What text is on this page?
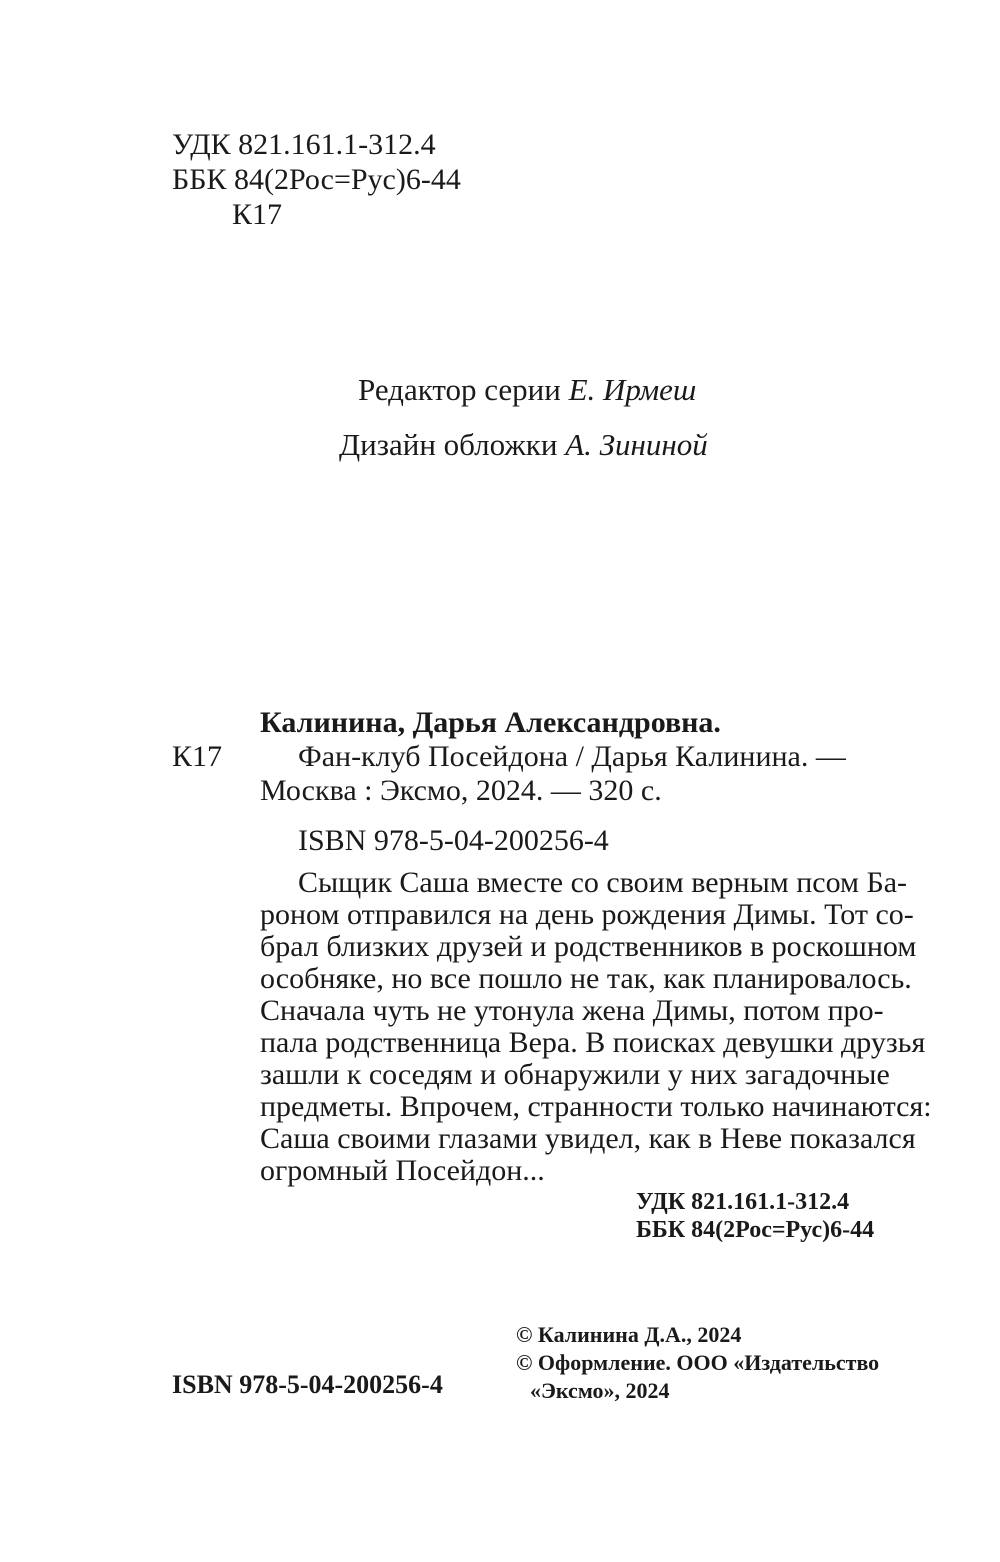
УДК 821.161.1-312.4
ББК 84(2Рос=Рус)6-44
К17
Редактор серии Е. Ирмеш
Дизайн обложки А. Зининой
Калинина, Дарья Александровна.
К17	Фан-клуб Посейдона / Дарья Калинина. —
Москва : Эксмо, 2024. — 320 с.
ISBN 978-5-04-200256-4
Сыщик Саша вместе со своим верным псом Ба-
роном отправился на день рождения Димы. Тот со-
брал близких друзей и родственников в роскошном
особняке, но все пошло не так, как планировалось.
Сначала чуть не утонула жена Димы, потом про-
пала родственница Вера. В поисках девушки друзья
зашли к соседям и обнаружили у них загадочные
предметы. Впрочем, странности только начинаются:
Саша своими глазами увидел, как в Неве показался
огромный Посейдон...
УДК 821.161.1-312.4
ББК 84(2Рос=Рус)6-44
ISBN 978-5-04-200256-4
© Калинина Д.А., 2024
© Оформление. ООО «Издательство
«Эксмо», 2024
